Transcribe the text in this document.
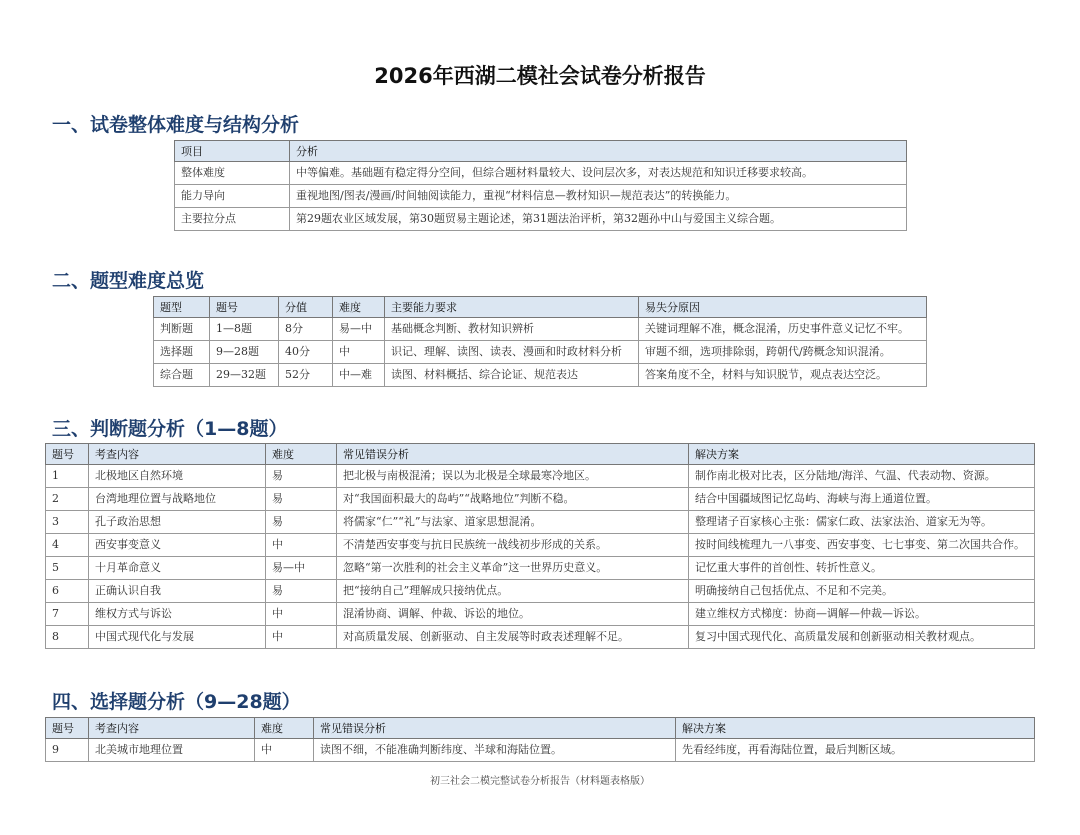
2026年西湖二模社会试卷分析报告
一、试卷整体难度与结构分析
项目	分析
整体难度	中等偏难。基础题有稳定得分空间，但综合题材料量较大、设问层次多，对表达规范和知识迁移要求较高。
能力导向	重视地图/图表/漫画/时间轴阅读能力，重视“材料信息—教材知识—规范表达”的转换能力。
主要拉分点	第29题农业区域发展，第30题贸易主题论述，第31题法治评析，第32题孙中山与爱国主义综合题。
二、题型难度总览
题型	题号	分值	难度	主要能力要求	易失分原因
判断题	1—8题	8分	易—中	基础概念判断、教材知识辨析	关键词理解不准，概念混淆，历史事件意义记忆不牢。
选择题	9—28题	40分	中	识记、理解、读图、读表、漫画和时政材料分析	审题不细，选项排除弱，跨朝代/跨概念知识混淆。
综合题	29—32题	52分	中—难	读图、材料概括、综合论证、规范表达	答案角度不全，材料与知识脱节，观点表达空泛。
三、判断题分析（1—8题）
题号	考查内容	难度	常见错误分析	解决方案
1	北极地区自然环境	易	把北极与南极混淆；误以为北极是全球最寒冷地区。	制作南北极对比表，区分陆地/海洋、气温、代表动物、资源。
2	台湾地理位置与战略地位	易	对“我国面积最大的岛屿”“战略地位”判断不稳。	结合中国疆域图记忆岛屿、海峡与海上通道位置。
3	孔子政治思想	易	将儒家“仁”“礼”与法家、道家思想混淆。	整理诸子百家核心主张：儒家仁政、法家法治、道家无为等。
4	西安事变意义	中	不清楚西安事变与抗日民族统一战线初步形成的关系。	按时间线梳理九一八事变、西安事变、七七事变、第二次国共合作。
5	十月革命意义	易—中	忽略“第一次胜利的社会主义革命”这一世界历史意义。	记忆重大事件的首创性、转折性意义。
6	正确认识自我	易	把“接纳自己”理解成只接纳优点。	明确接纳自己包括优点、不足和不完美。
7	维权方式与诉讼	中	混淆协商、调解、仲裁、诉讼的地位。	建立维权方式梯度：协商—调解—仲裁—诉讼。
8	中国式现代化与发展	中	对高质量发展、创新驱动、自主发展等时政表述理解不足。	复习中国式现代化、高质量发展和创新驱动相关教材观点。
四、选择题分析（9—28题）
题号	考查内容	难度	常见错误分析	解决方案
9	北美城市地理位置	中	读图不细，不能准确判断纬度、半球和海陆位置。	先看经纬度，再看海陆位置，最后判断区域。
初三社会二模完整试卷分析报告（材料题表格版）
